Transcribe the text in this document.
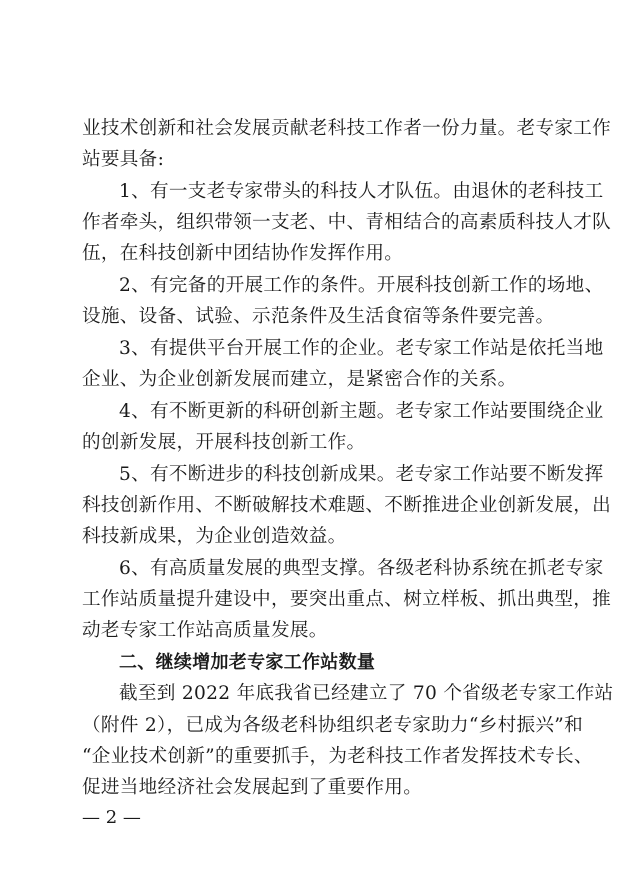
业技术创新和社会发展贡献老科技工作者一份力量。老专家工作
站要具备:
1、有一支老专家带头的科技人才队伍。由退休的老科技工
作者牵头，组织带领一支老、中、青相结合的高素质科技人才队
伍，在科技创新中团结协作发挥作用。
2、有完备的开展工作的条件。开展科技创新工作的场地、
设施、设备、试验、示范条件及生活食宿等条件要完善。
3、有提供平台开展工作的企业。老专家工作站是依托当地
企业、为企业创新发展而建立，是紧密合作的关系。
4、有不断更新的科研创新主题。老专家工作站要围绕企业
的创新发展，开展科技创新工作。
5、有不断进步的科技创新成果。老专家工作站要不断发挥
科技创新作用、不断破解技术难题、不断推进企业创新发展，出
科技新成果，为企业创造效益。
6、有高质量发展的典型支撑。各级老科协系统在抓老专家
工作站质量提升建设中，要突出重点、树立样板、抓出典型，推
动老专家工作站高质量发展。
二、继续增加老专家工作站数量
截至到 2022 年底我省已经建立了 70 个省级老专家工作站
（附件 2），已成为各级老科协组织老专家助力“乡村振兴”和
“企业技术创新”的重要抓手，为老科技工作者发挥技术专长、
促进当地经济社会发展起到了重要作用。
— 2 —
